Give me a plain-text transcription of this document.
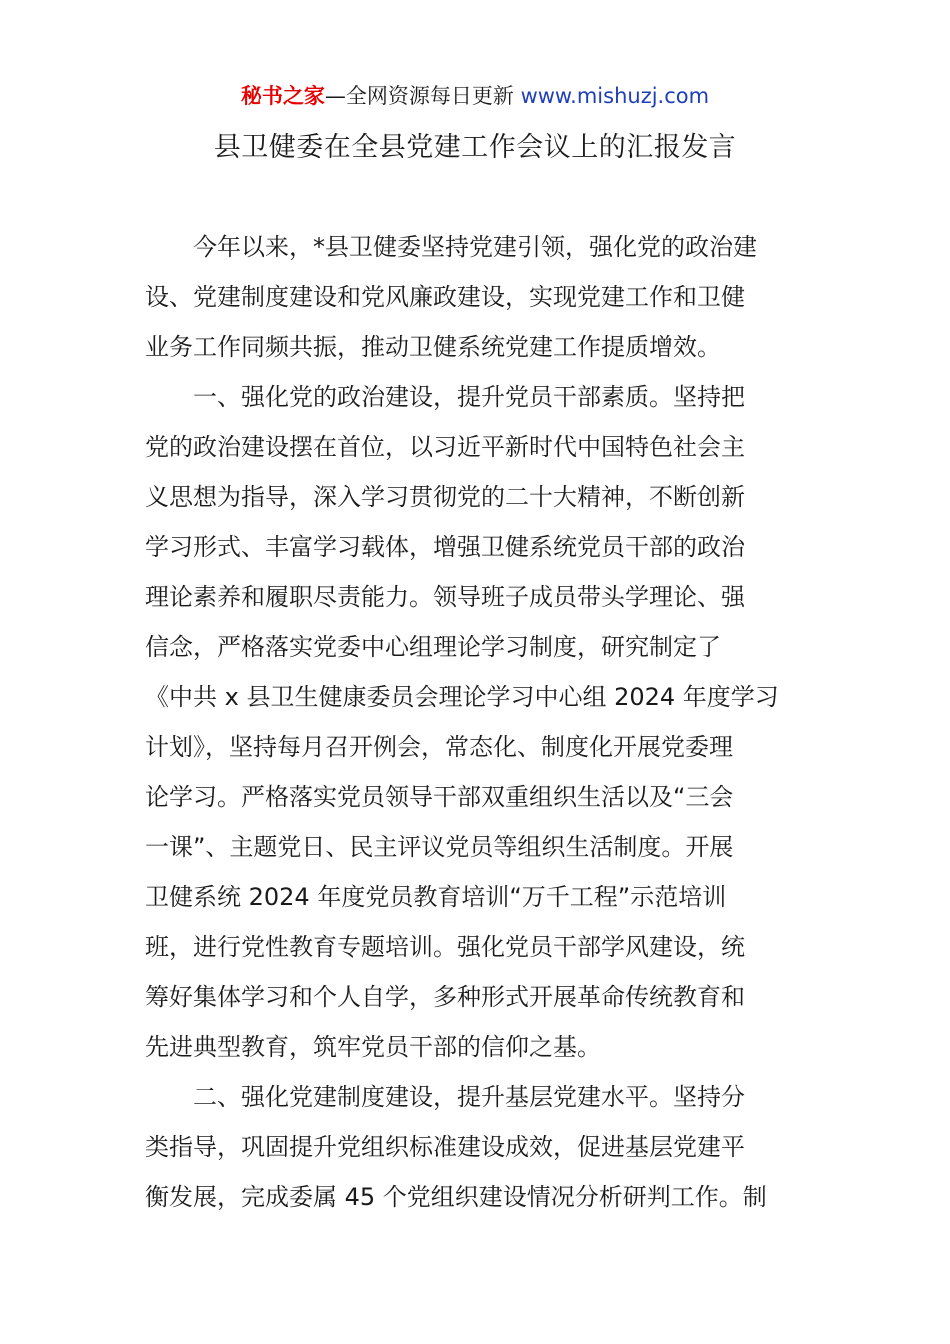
秘书之家—全网资源每日更新 www.mishuzj.com
县卫健委在全县党建工作会议上的汇报发言

今年以来，*县卫健委坚持党建引领，强化党的政治建
设、党建制度建设和党风廉政建设，实现党建工作和卫健
业务工作同频共振，推动卫健系统党建工作提质增效。

一、强化党的政治建设，提升党员干部素质。坚持把
党的政治建设摆在首位，以习近平新时代中国特色社会主
义思想为指导，深入学习贯彻党的二十大精神，不断创新
学习形式、丰富学习载体，增强卫健系统党员干部的政治
理论素养和履职尽责能力。领导班子成员带头学理论、强
信念，严格落实党委中心组理论学习制度，研究制定了
《中共 x 县卫生健康委员会理论学习中心组 2024 年度学习
计划》，坚持每月召开例会，常态化、制度化开展党委理
论学习。严格落实党员领导干部双重组织生活以及“三会
一课”、主题党日、民主评议党员等组织生活制度。开展
卫健系统 2024 年度党员教育培训“万千工程”示范培训
班，进行党性教育专题培训。强化党员干部学风建设，统
筹好集体学习和个人自学，多种形式开展革命传统教育和
先进典型教育，筑牢党员干部的信仰之基。

二、强化党建制度建设，提升基层党建水平。坚持分
类指导，巩固提升党组织标准建设成效，促进基层党建平
衡发展，完成委属 45 个党组织建设情况分析研判工作。制
